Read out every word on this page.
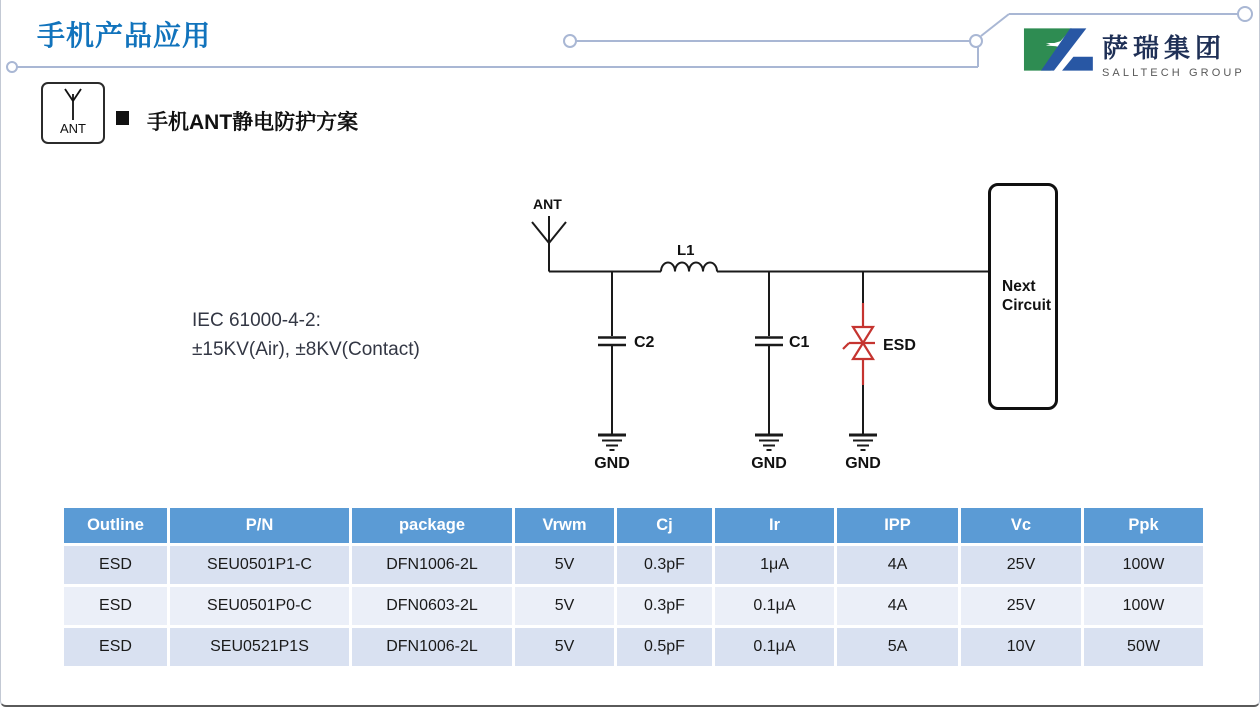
手机产品应用	萨瑞集团
SALLTECH GROUP
ANT	手机ANT静电防护方案
IEC 61000-4-2:
±15KV(Air), ±8KV(Contact)
ANT
L1
C2	C1	ESD
GND	GND	GND
Next Circuit
Outline	P/N	package	Vrwm	Cj	Ir	IPP	Vc	Ppk
ESD	SEU0501P1-C	DFN1006-2L	5V	0.3pF	1μA	4A	25V	100W
ESD	SEU0501P0-C	DFN0603-2L	5V	0.3pF	0.1μA	4A	25V	100W
ESD	SEU0521P1S	DFN1006-2L	5V	0.5pF	0.1μA	5A	10V	50W
